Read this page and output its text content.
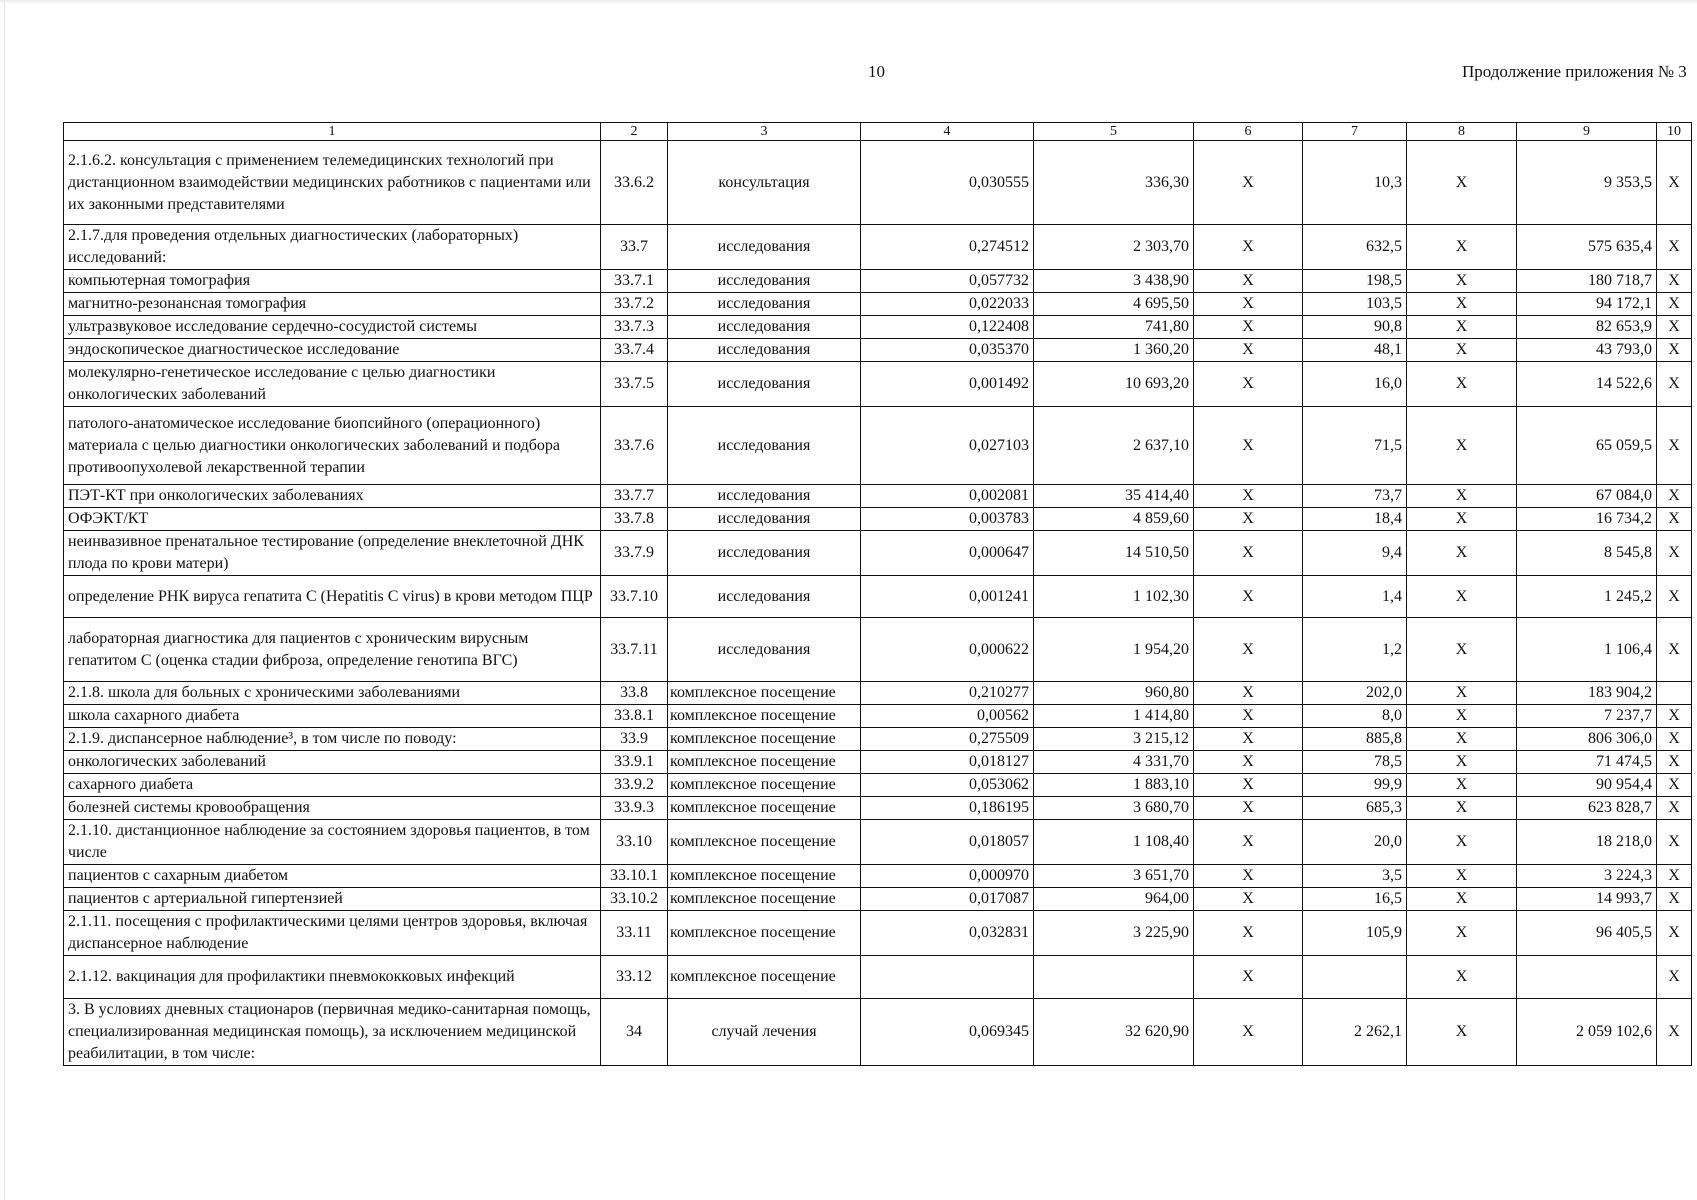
10	Продолжение приложения № 3
1	2	3	4	5	6	7	8	9	10
2.1.6.2. консультация с применением телемедицинских технологий при дистанционном взаимодействии медицинских работников с пациентами или их законными представителями	33.6.2	консультация	0,030555	336,30	X	10,3	X	9 353,5	X
2.1.7.для проведения отдельных диагностических (лабораторных) исследований:	33.7	исследования	0,274512	2 303,70	X	632,5	X	575 635,4	X
компьютерная томография	33.7.1	исследования	0,057732	3 438,90	X	198,5	X	180 718,7	X
магнитно-резонансная томография	33.7.2	исследования	0,022033	4 695,50	X	103,5	X	94 172,1	X
ультразвуковое исследование сердечно-сосудистой системы	33.7.3	исследования	0,122408	741,80	X	90,8	X	82 653,9	X
эндоскопическое диагностическое исследование	33.7.4	исследования	0,035370	1 360,20	X	48,1	X	43 793,0	X
молекулярно-генетическое исследование с целью диагностики онкологических заболеваний	33.7.5	исследования	0,001492	10 693,20	X	16,0	X	14 522,6	X
патолого-анатомическое исследование биопсийного (операционного) материала с целью диагностики онкологических заболеваний и подбора противоопухолевой лекарственной терапии	33.7.6	исследования	0,027103	2 637,10	X	71,5	X	65 059,5	X
ПЭТ-КТ при онкологических заболеваниях	33.7.7	исследования	0,002081	35 414,40	X	73,7	X	67 084,0	X
ОФЭКТ/КТ	33.7.8	исследования	0,003783	4 859,60	X	18,4	X	16 734,2	X
неинвазивное пренатальное тестирование (определение внеклеточной ДНК плода по крови матери)	33.7.9	исследования	0,000647	14 510,50	X	9,4	X	8 545,8	X
определение РНК вируса гепатита С (Hepatitis C virus) в крови методом ПЦР	33.7.10	исследования	0,001241	1 102,30	X	1,4	X	1 245,2	X
лабораторная диагностика для пациентов с хроническим вирусным гепатитом С (оценка стадии фиброза, определение генотипа ВГС)	33.7.11	исследования	0,000622	1 954,20	X	1,2	X	1 106,4	X
2.1.8. школа для больных с хроническими заболеваниями	33.8	комплексное посещение	0,210277	960,80	X	202,0	X	183 904,2	
школа сахарного диабета	33.8.1	комплексное посещение	0,00562	1 414,80	X	8,0	X	7 237,7	X
2.1.9. диспансерное наблюдение³, в том числе по поводу:	33.9	комплексное посещение	0,275509	3 215,12	X	885,8	X	806 306,0	X
онкологических заболеваний	33.9.1	комплексное посещение	0,018127	4 331,70	X	78,5	X	71 474,5	X
сахарного диабета	33.9.2	комплексное посещение	0,053062	1 883,10	X	99,9	X	90 954,4	X
болезней системы кровообращения	33.9.3	комплексное посещение	0,186195	3 680,70	X	685,3	X	623 828,7	X
2.1.10. дистанционное наблюдение за состоянием здоровья пациентов, в том числе	33.10	комплексное посещение	0,018057	1 108,40	X	20,0	X	18 218,0	X
пациентов с сахарным диабетом	33.10.1	комплексное посещение	0,000970	3 651,70	X	3,5	X	3 224,3	X
пациентов с артериальной гипертензией	33.10.2	комплексное посещение	0,017087	964,00	X	16,5	X	14 993,7	X
2.1.11. посещения с профилактическими целями центров здоровья, включая диспансерное наблюдение	33.11	комплексное посещение	0,032831	3 225,90	X	105,9	X	96 405,5	X
2.1.12. вакцинация для профилактики пневмококковых инфекций	33.12	комплексное посещение			X		X		X
3. В условиях дневных стационаров (первичная медико-санитарная помощь, специализированная медицинская помощь), за исключением медицинской реабилитации, в том числе:	34	случай лечения	0,069345	32 620,90	X	2 262,1	X	2 059 102,6	X
